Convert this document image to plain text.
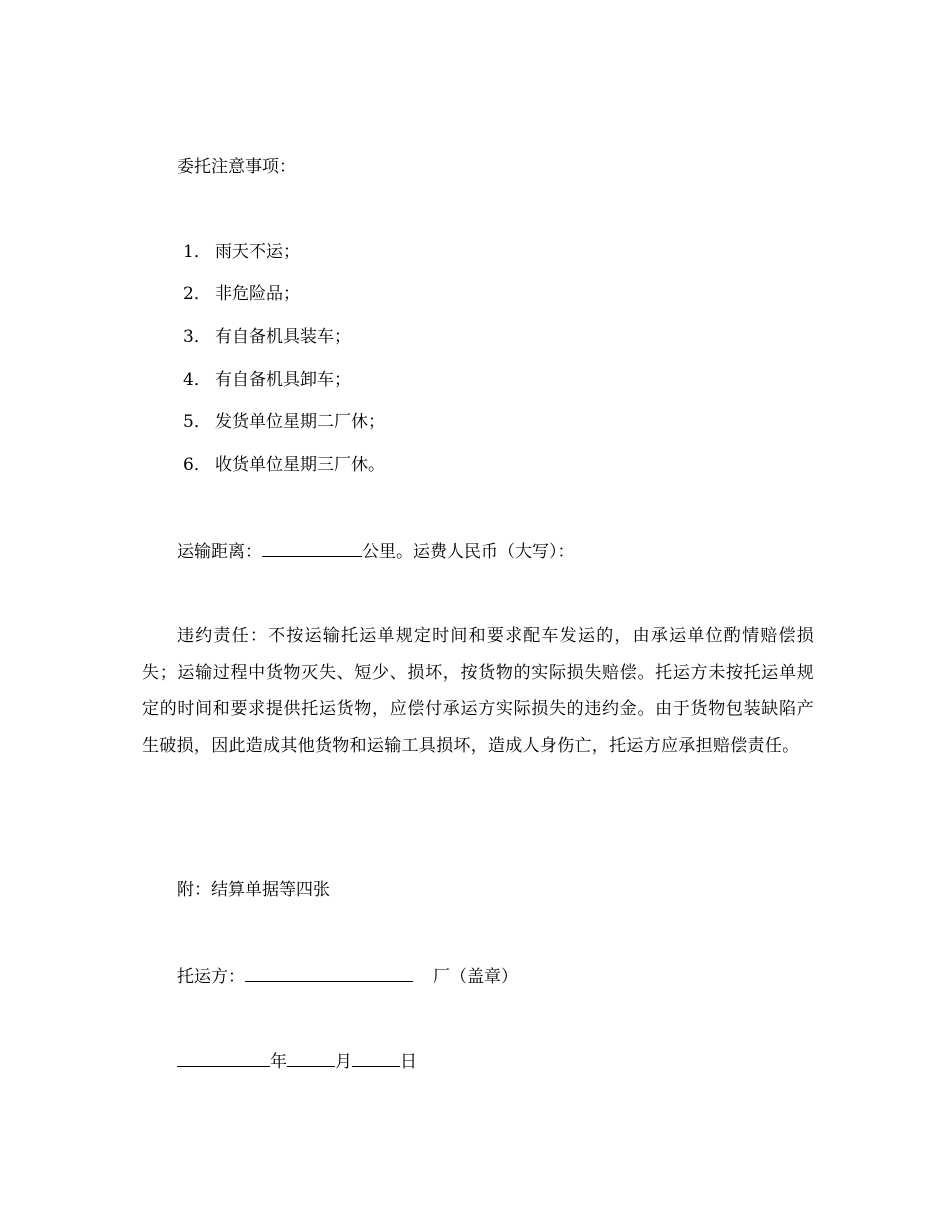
委托注意事项：
1． 雨天不运；
2． 非危险品；
3． 有自备机具装车；
4． 有自备机具卸车；
5． 发货单位星期二厂休；
6． 收货单位星期三厂休。
运输距离：	公里。运费人民币（大写）：
违约责任：不按运输托运单规定时间和要求配车发运的，由承运单位酌情赔偿损失；运输过程中货物灭失、短少、损坏，按货物的实际损失赔偿。托运方未按托运单规定的时间和要求提供托运货物，应偿付承运方实际损失的违约金。由于货物包装缺陷产生破损，因此造成其他货物和运输工具损坏，造成人身伤亡，托运方应承担赔偿责任。
附：结算单据等四张
托运方：	厂（盖章）
年	月	日
